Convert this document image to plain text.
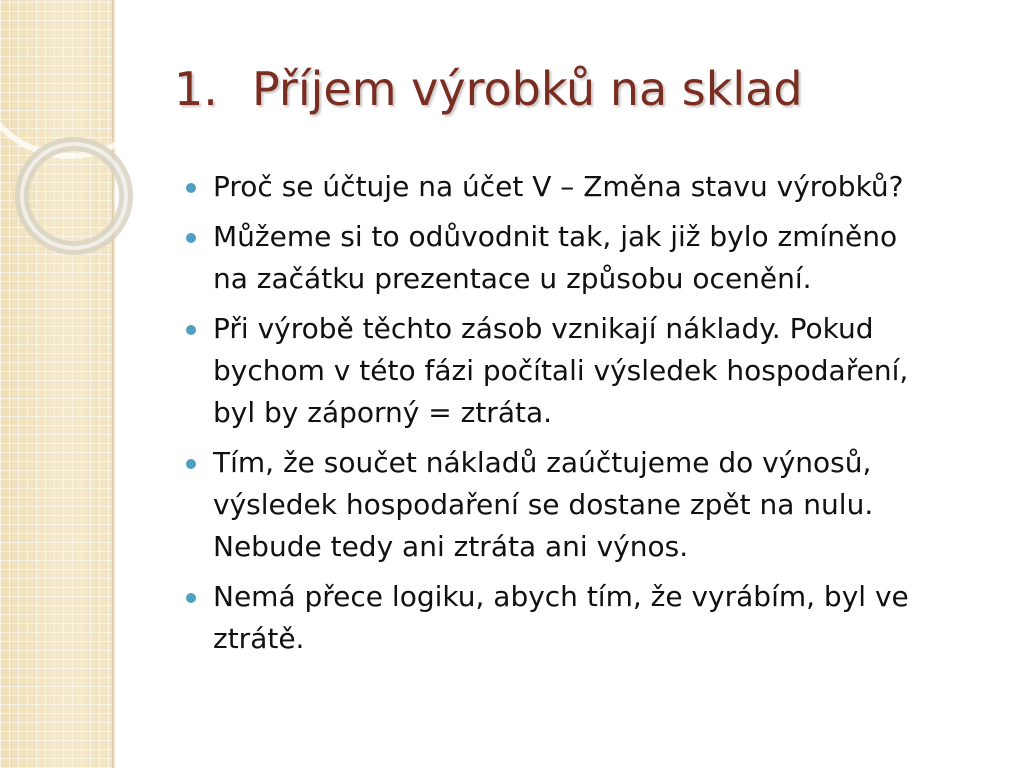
1. Příjem výrobků na sklad
Proč se účtuje na účet V – Změna stavu výrobků?
Můžeme si to odůvodnit tak, jak již bylo zmíněno
na začátku prezentace u způsobu ocenění.
Při výrobě těchto zásob vznikají náklady. Pokud
bychom v této fázi počítali výsledek hospodaření,
byl by záporný = ztráta.
Tím, že součet nákladů zaúčtujeme do výnosů,
výsledek hospodaření se dostane zpět na nulu.
Nebude tedy ani ztráta ani výnos.
Nemá přece logiku, abych tím, že vyrábím, byl ve
ztrátě.
